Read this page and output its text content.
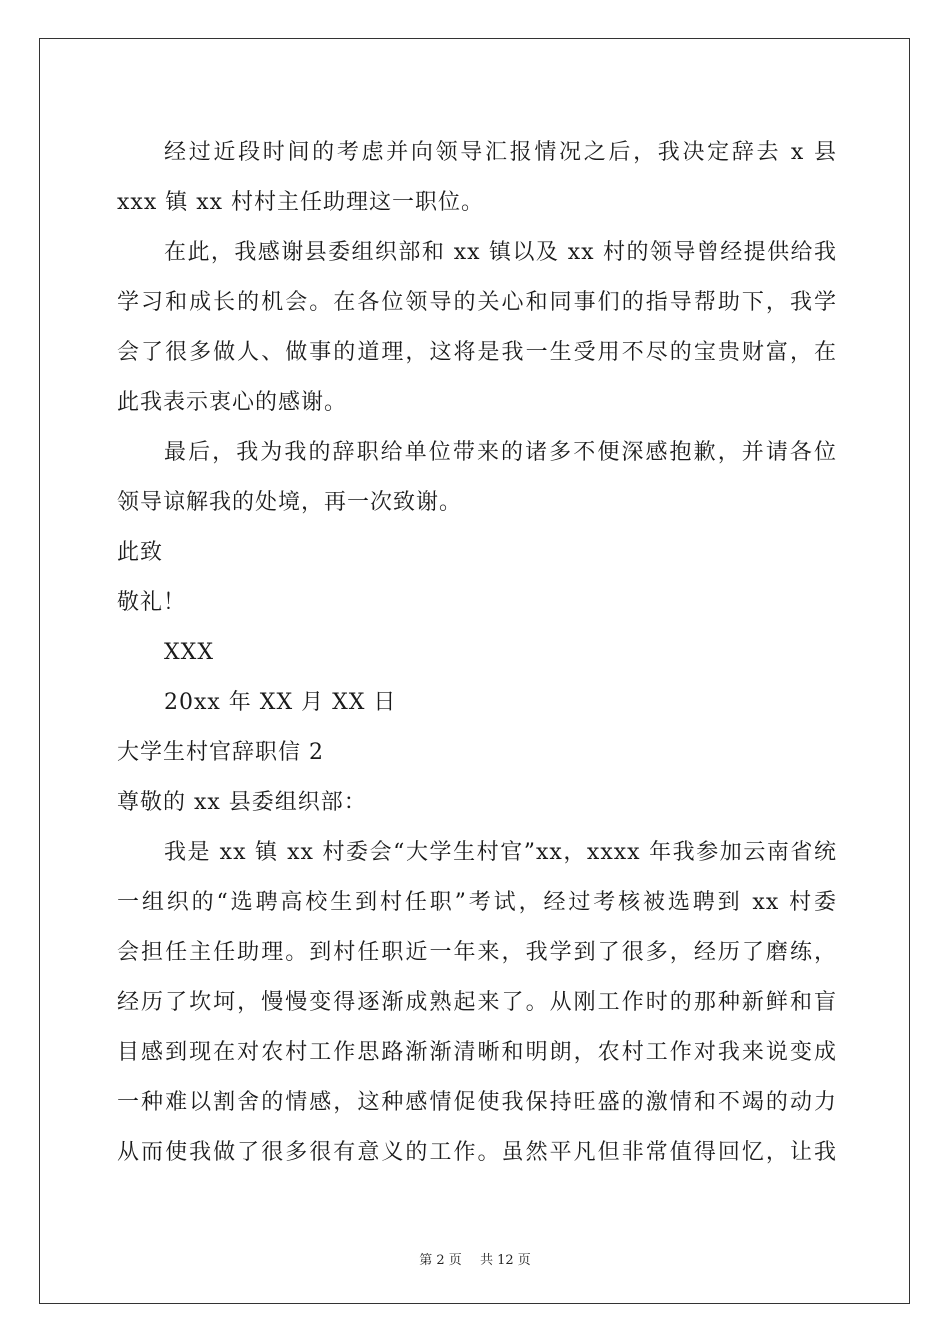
经过近段时间的考虑并向领导汇报情况之后，我决定辞去 x 县
xxx 镇 xx 村村主任助理这一职位。
在此，我感谢县委组织部和 xx 镇以及 xx 村的领导曾经提供给我
学习和成长的机会。在各位领导的关心和同事们的指导帮助下，我学
会了很多做人、做事的道理，这将是我一生受用不尽的宝贵财富，在
此我表示衷心的感谢。
最后，我为我的辞职给单位带来的诸多不便深感抱歉，并请各位
领导谅解我的处境，再一次致谢。
此致
敬礼！
XXX
20xx 年 XX 月 XX 日
大学生村官辞职信 2
尊敬的 xx 县委组织部：
我是 xx 镇 xx 村委会“大学生村官”xx，xxxx 年我参加云南省统
一组织的“选聘高校生到村任职”考试，经过考核被选聘到 xx 村委
会担任主任助理。到村任职近一年来，我学到了很多，经历了磨练，
经历了坎坷，慢慢变得逐渐成熟起来了。从刚工作时的那种新鲜和盲
目感到现在对农村工作思路渐渐清晰和明朗，农村工作对我来说变成
一种难以割舍的情感，这种感情促使我保持旺盛的激情和不竭的动力
从而使我做了很多很有意义的工作。虽然平凡但非常值得回忆，让我
第 2 页 共 12 页
